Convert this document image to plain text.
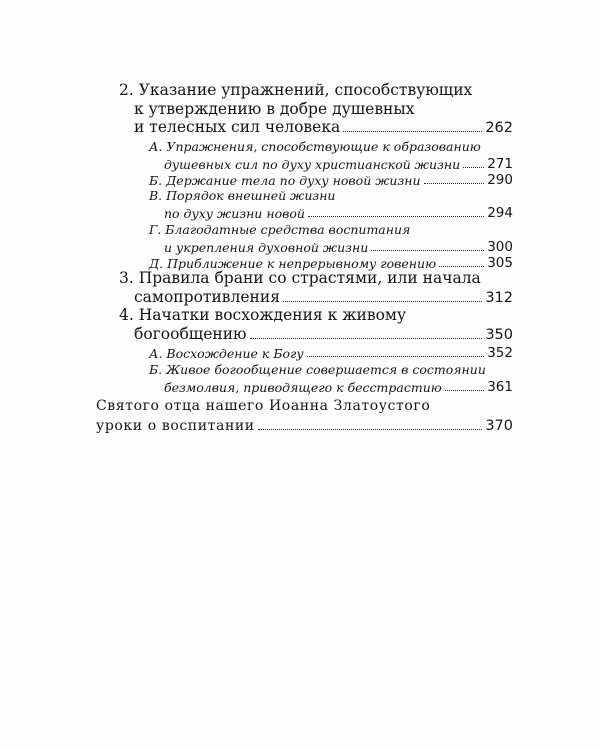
2. Указание упражнений, способствующих
к утверждению в добре душевных
и телесных сил человека	262
А. Упражнения, способствующие к образованию
душевных сил по духу христианской жизни 271
Б. Держание тела по духу новой жизни	290
В. Порядок внешней жизни
по духу жизни новой	294
Г. Благодатные средства воспитания
и укрепления духовной жизни	300
Д. Приближение к непрерывному говению	305
3. Правила брани со страстями, или начала
самопротивления	312
4. Начатки восхождения к живому
богообщению	350
А. Восхождение к Богу	352
Б. Живое богообщение совершается в состоянии
безмолвия, приводящего к бесстрастию	361
Святого отца нашего Иоанна Златоустого
уроки о воспитании	370
